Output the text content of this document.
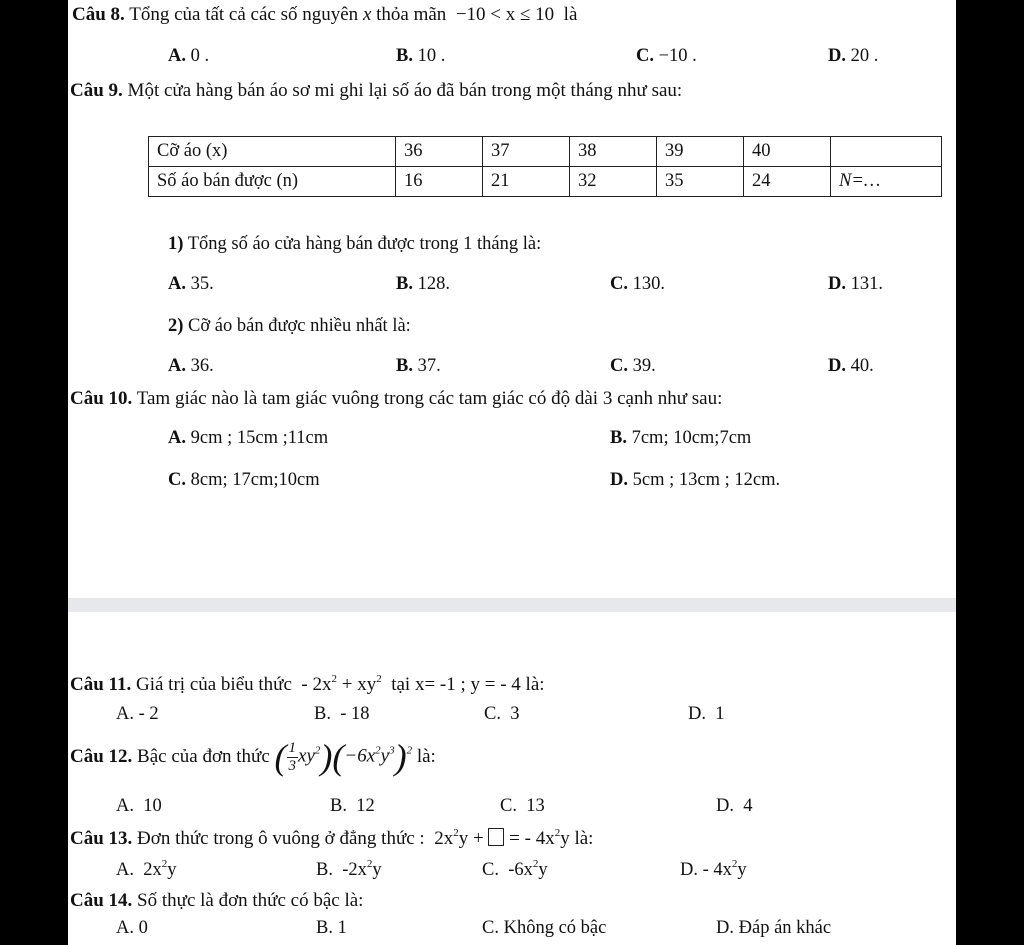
Câu 8. Tổng của tất cả các số nguyên x thỏa mãn −10 < x ≤ 10 là
A. 0 .	B. 10 .	C. −10 .	D. 20 .
Câu 9. Một cửa hàng bán áo sơ mi ghi lại số áo đã bán trong một tháng như sau:
Cỡ áo (x)	36	37	38	39	40	
Số áo bán được (n)	16	21	32	35	24	N=…
1) Tổng số áo cửa hàng bán được trong 1 tháng là:
A. 35.	B. 128.	C. 130.	D. 131.
2) Cỡ áo bán được nhiều nhất là:
A. 36.	B. 37.	C. 39.	D. 40.
Câu 10. Tam giác nào là tam giác vuông trong các tam giác có độ dài 3 cạnh như sau:
A. 9cm ; 15cm ;11cm	B. 7cm; 10cm;7cm
C. 8cm; 17cm;10cm	D. 5cm ; 13cm ; 12cm.
Câu 11. Giá trị của biểu thức - $2x^2 + xy^2$ tại x= -1 ; y = - 4 là:
A. - 2	B. - 18	C. 3	D. 1
Câu 12.
Bậc của đơn thức
( $\frac{1}{3} xy^2)(-6x^2y^3)^2$
là:
A. 10	B. 12	C. 13	D. 4
Câu 13. Đơn thức trong ô vuông ở đẳng thức : $2x^2y$ +  = - $4x^2y$ là:
A. $2x^2y$	B. $-2x^2y$	C. $-6x^2y$	D. - $4x^2y$
Câu 14. Số thực là đơn thức có bậc là:
A. 0	B. 1	C. Không có bậc	D. Đáp án khác
